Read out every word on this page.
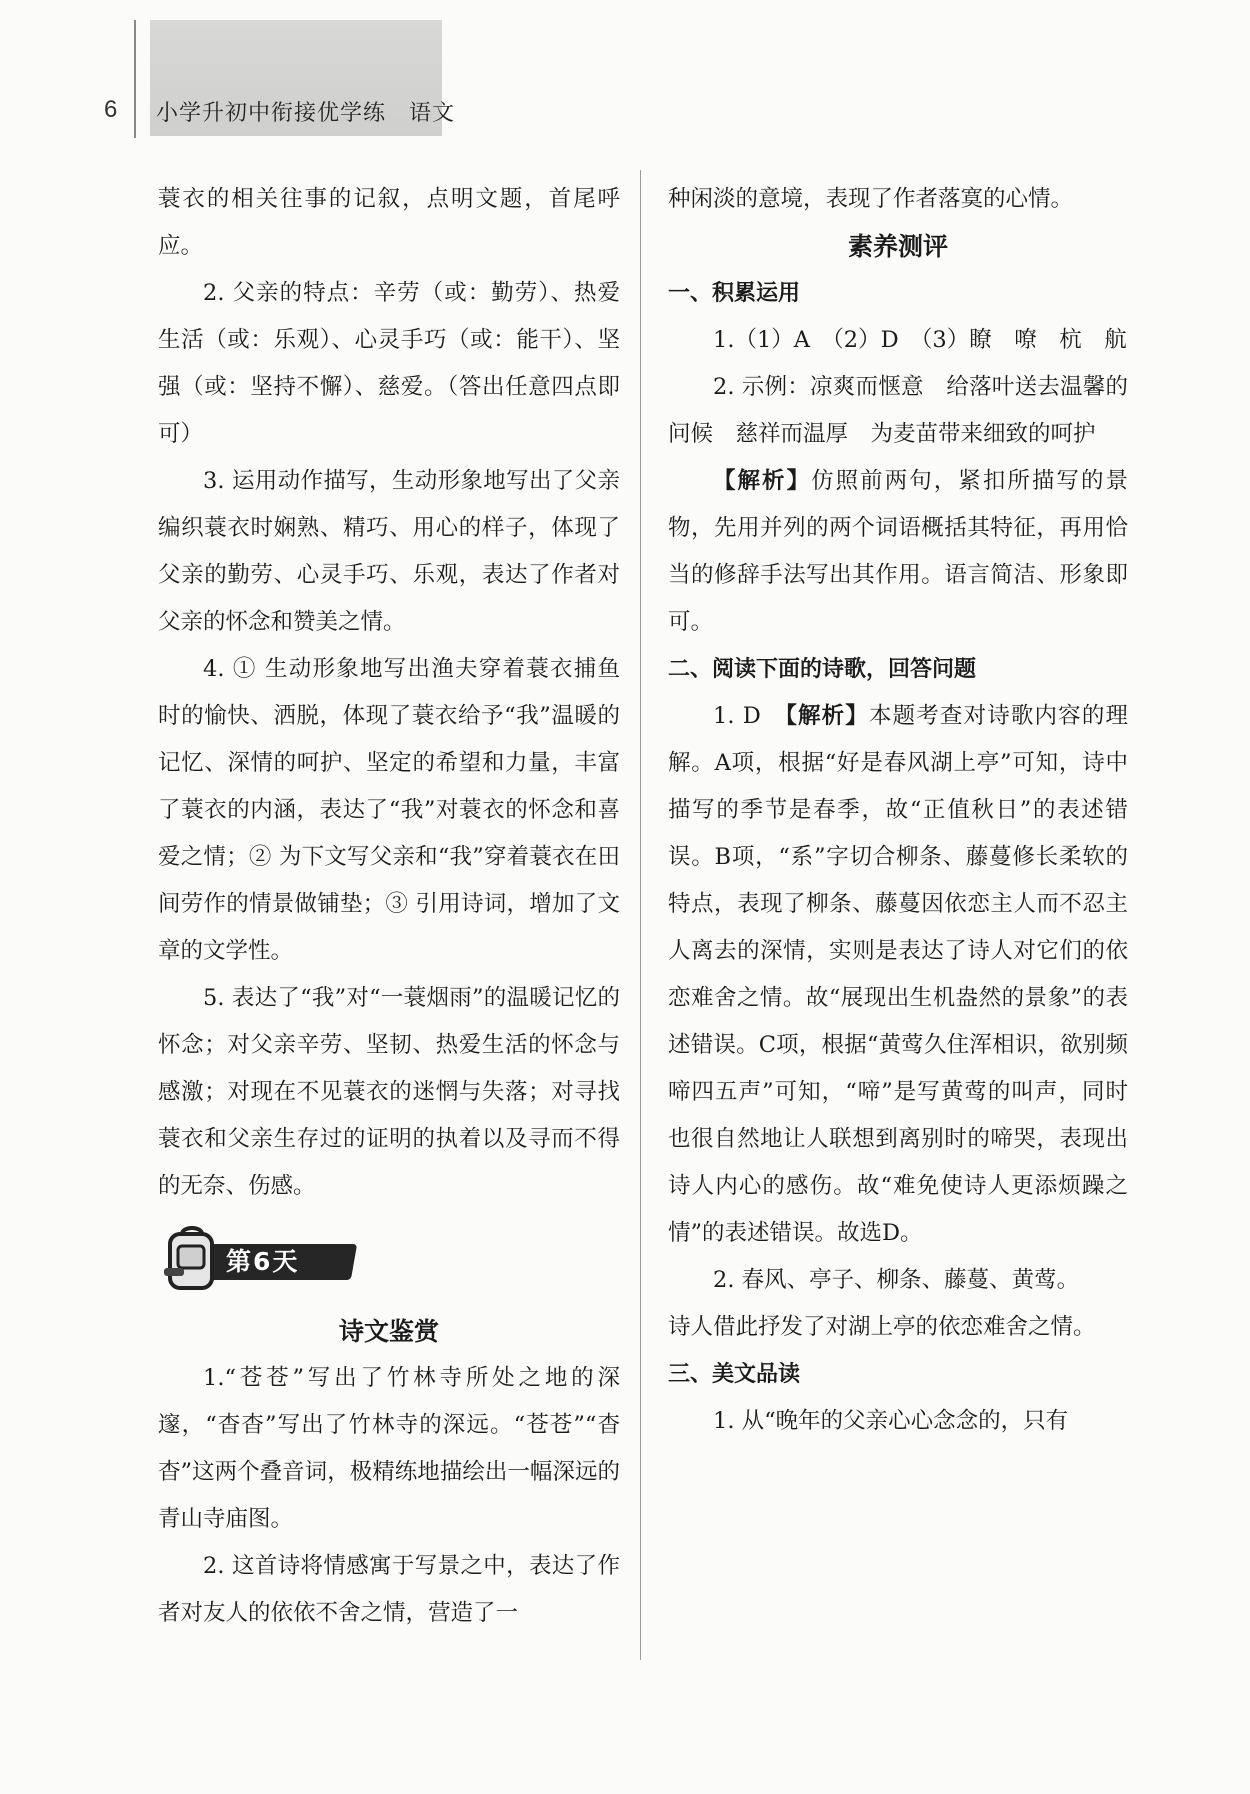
6 小学升初中衔接优学练　语文

蓑衣的相关往事的记叙，点明文题，首尾呼应。

2. 父亲的特点：辛劳（或：勤劳）、热爱生活（或：乐观）、心灵手巧（或：能干）、坚强（或：坚持不懈）、慈爱。（答出任意四点即可）

3. 运用动作描写，生动形象地写出了父亲编织蓑衣时娴熟、精巧、用心的样子，体现了父亲的勤劳、心灵手巧、乐观，表达了作者对父亲的怀念和赞美之情。

4. ① 生动形象地写出渔夫穿着蓑衣捕鱼时的愉快、洒脱，体现了蓑衣给予“我”温暖的记忆、深情的呵护、坚定的希望和力量，丰富了蓑衣的内涵，表达了“我”对蓑衣的怀念和喜爱之情；② 为下文写父亲和“我”穿着蓑衣在田间劳作的情景做铺垫；③ 引用诗词，增加了文章的文学性。

5. 表达了“我”对“一蓑烟雨”的温暖记忆的怀念；对父亲辛劳、坚韧、热爱生活的怀念与感激；对现在不见蓑衣的迷惘与失落；对寻找蓑衣和父亲生存过的证明的执着以及寻而不得的无奈、伤感。

第6天

诗文鉴赏

1.“苍苍”写出了竹林寺所处之地的深邃，“杳杳”写出了竹林寺的深远。“苍苍”“杳杳”这两个叠音词，极精练地描绘出一幅深远的青山寺庙图。

2. 这首诗将情感寓于写景之中，表达了作者对友人的依依不舍之情，营造了一

种闲淡的意境，表现了作者落寞的心情。

素养测评

一、积累运用

1.（1）A　（2）D　（3）瞭　嘹　杭　航

2. 示例：凉爽而惬意　给落叶送去温馨的问候　慈祥而温厚　为麦苗带来细致的呵护

【解析】仿照前两句，紧扣所描写的景物，先用并列的两个词语概括其特征，再用恰当的修辞手法写出其作用。语言简洁、形象即可。

二、阅读下面的诗歌，回答问题

1. D　【解析】本题考查对诗歌内容的理解。A项，根据“好是春风湖上亭”可知，诗中描写的季节是春季，故“正值秋日”的表述错误。B项，“系”字切合柳条、藤蔓修长柔软的特点，表现了柳条、藤蔓因依恋主人而不忍主人离去的深情，实则是表达了诗人对它们的依恋难舍之情。故“展现出生机盎然的景象”的表述错误。C项，根据“黄莺久住浑相识，欲别频啼四五声”可知，“啼”是写黄莺的叫声，同时也很自然地让人联想到离别时的啼哭，表现出诗人内心的感伤。故“难免使诗人更添烦躁之情”的表述错误。故选D。

2. 春风、亭子、柳条、藤蔓、黄莺。

诗人借此抒发了对湖上亭的依恋难舍之情。

三、美文品读

1. 从“晚年的父亲心心念念的，只有
